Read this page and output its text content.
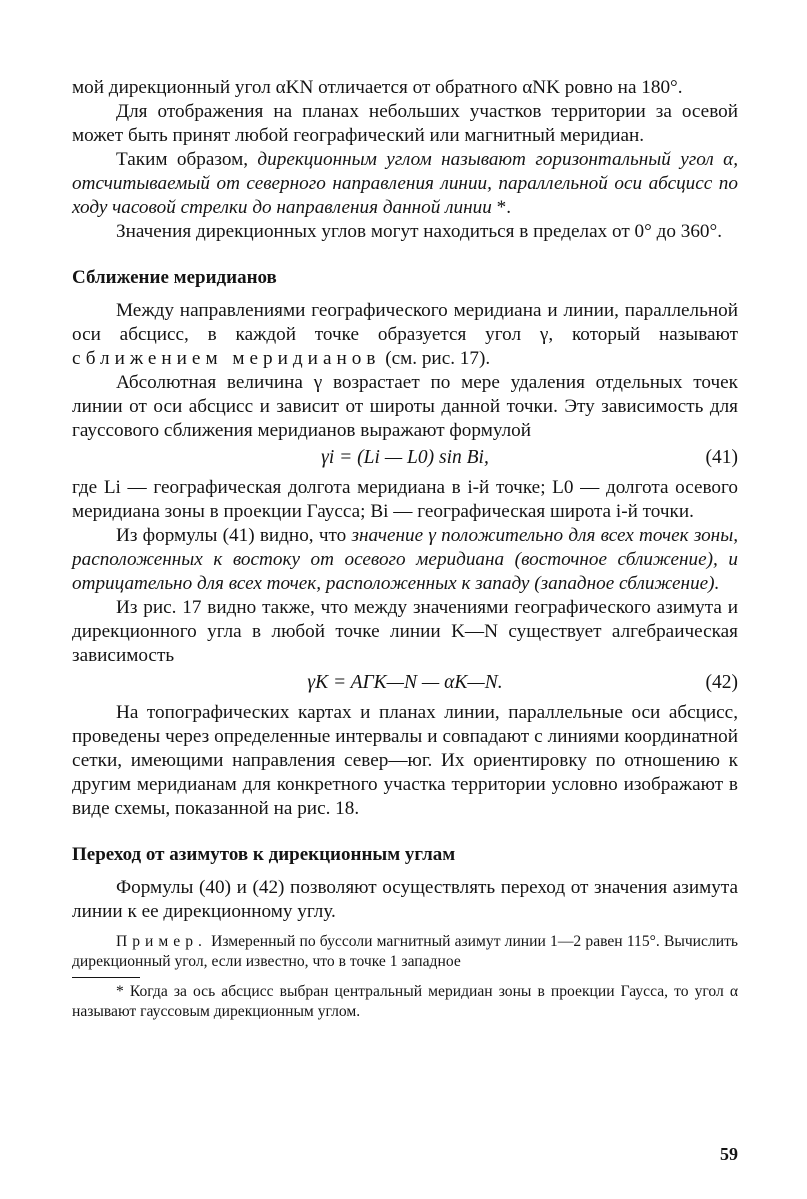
мой дирекционный угол αKN отличается от обратного αNK ровно на 180°.

Для отображения на планах небольших участков территории за осевой может быть принят любой географический или магнитный меридиан.

Таким образом, дирекционным углом называют горизонтальный угол α, отсчитываемый от северного направления линии, параллельной оси абсцисс по ходу часовой стрелки до направления данной линии *.

Значения дирекционных углов могут находиться в пределах от 0° до 360°.

Сближение меридианов

Между направлениями географического меридиана и линии, параллельной оси абсцисс, в каждой точке образуется угол γ, который называют сближением меридианов (см. рис. 17).

Абсолютная величина γ возрастает по мере удаления отдельных точек линии от оси абсцисс и зависит от широты данной точки. Эту зависимость для гауссового сближения меридианов выражают формулой

γi = (Li — L0) sin Bi,	(41)

где Li — географическая долгота меридиана в i-й точке; L0 — долгота осевого меридиана зоны в проекции Гаусса; Bi — географическая широта i-й точки.

Из формулы (41) видно, что значение γ положительно для всех точек зоны, расположенных к востоку от осевого меридиана (восточное сближение), и отрицательно для всех точек, расположенных к западу (западное сближение).

Из рис. 17 видно также, что между значениями географического азимута и дирекционного угла в любой точке линии K—N существует алгебраическая зависимость

γK = AГK—N — αK—N.	(42)

На топографических картах и планах линии, параллельные оси абсцисс, проведены через определенные интервалы и совпадают с линиями координатной сетки, имеющими направления север—юг. Их ориентировку по отношению к другим меридианам для конкретного участка территории условно изображают в виде схемы, показанной на рис. 18.

Переход от азимутов к дирекционным углам

Формулы (40) и (42) позволяют осуществлять переход от значения азимута линии к ее дирекционному углу.

Пример. Измеренный по буссоли магнитный азимут линии 1—2 равен 115°. Вычислить дирекционный угол, если известно, что в точке 1 западное

* Когда за ось абсцисс выбран центральный меридиан зоны в проекции Гаусса, то угол α называют гауссовым дирекционным углом.

59
